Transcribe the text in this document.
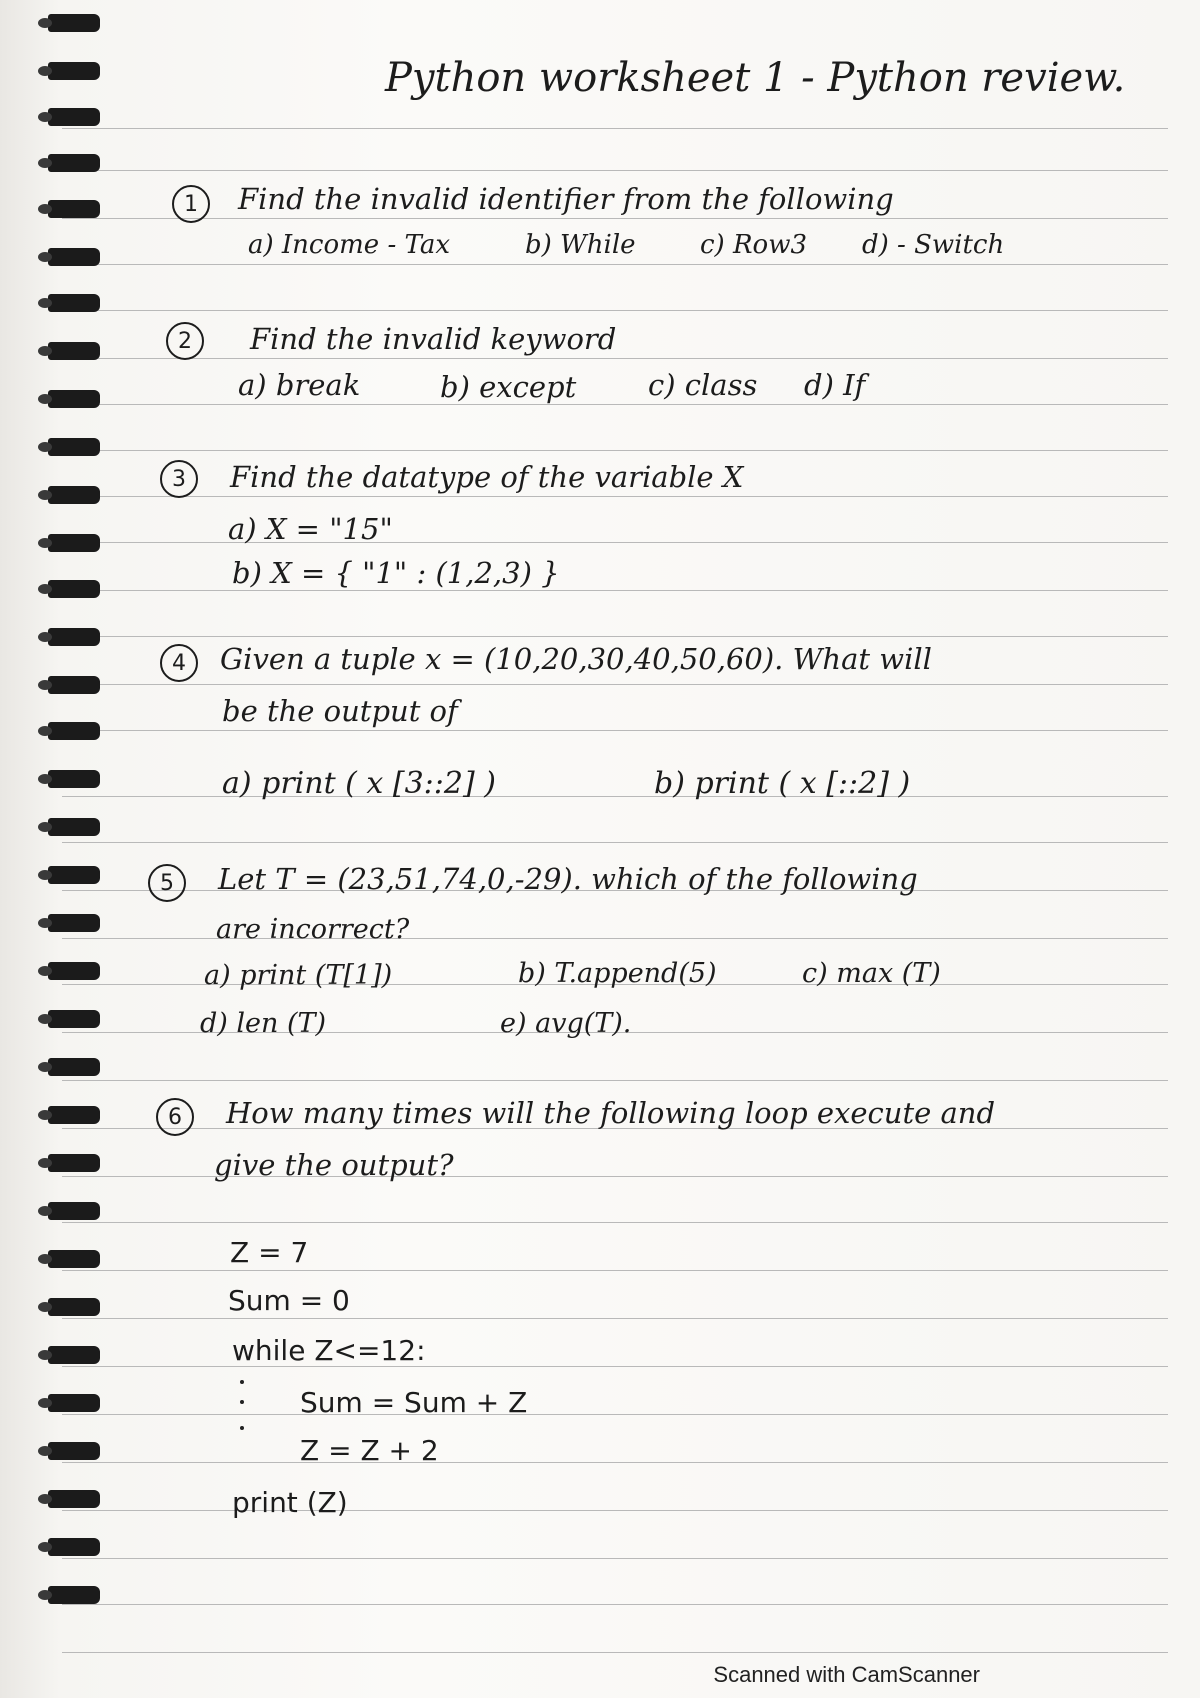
Python worksheet 1 - Python review.
1	Find the invalid identifier from the following
a) Income - Tax	b) While c) Row3 d) - Switch
2	Find the invalid keyword
a) break	b) except c) class d) If
3	Find the datatype of the variable X
a) X = "15"
b) X = { "1" : (1,2,3) }
4	Given a tuple x = (10,20,30,40,50,60). What will
be the output of
a) print ( x [3::2] )	b) print ( x [::2] )
5	Let T = (23,51,74,0,-29). which of the following
are incorrect?
a) print (T[1])	b) T.append(5)	c) max (T)
d) len (T)	e) avg(T).
6	How many times will the following loop execute and
give the output?
Z = 7
Sum = 0
while Z<=12:
Sum = Sum + Z
Z = Z + 2
print (Z)
Scanned with CamScanner
